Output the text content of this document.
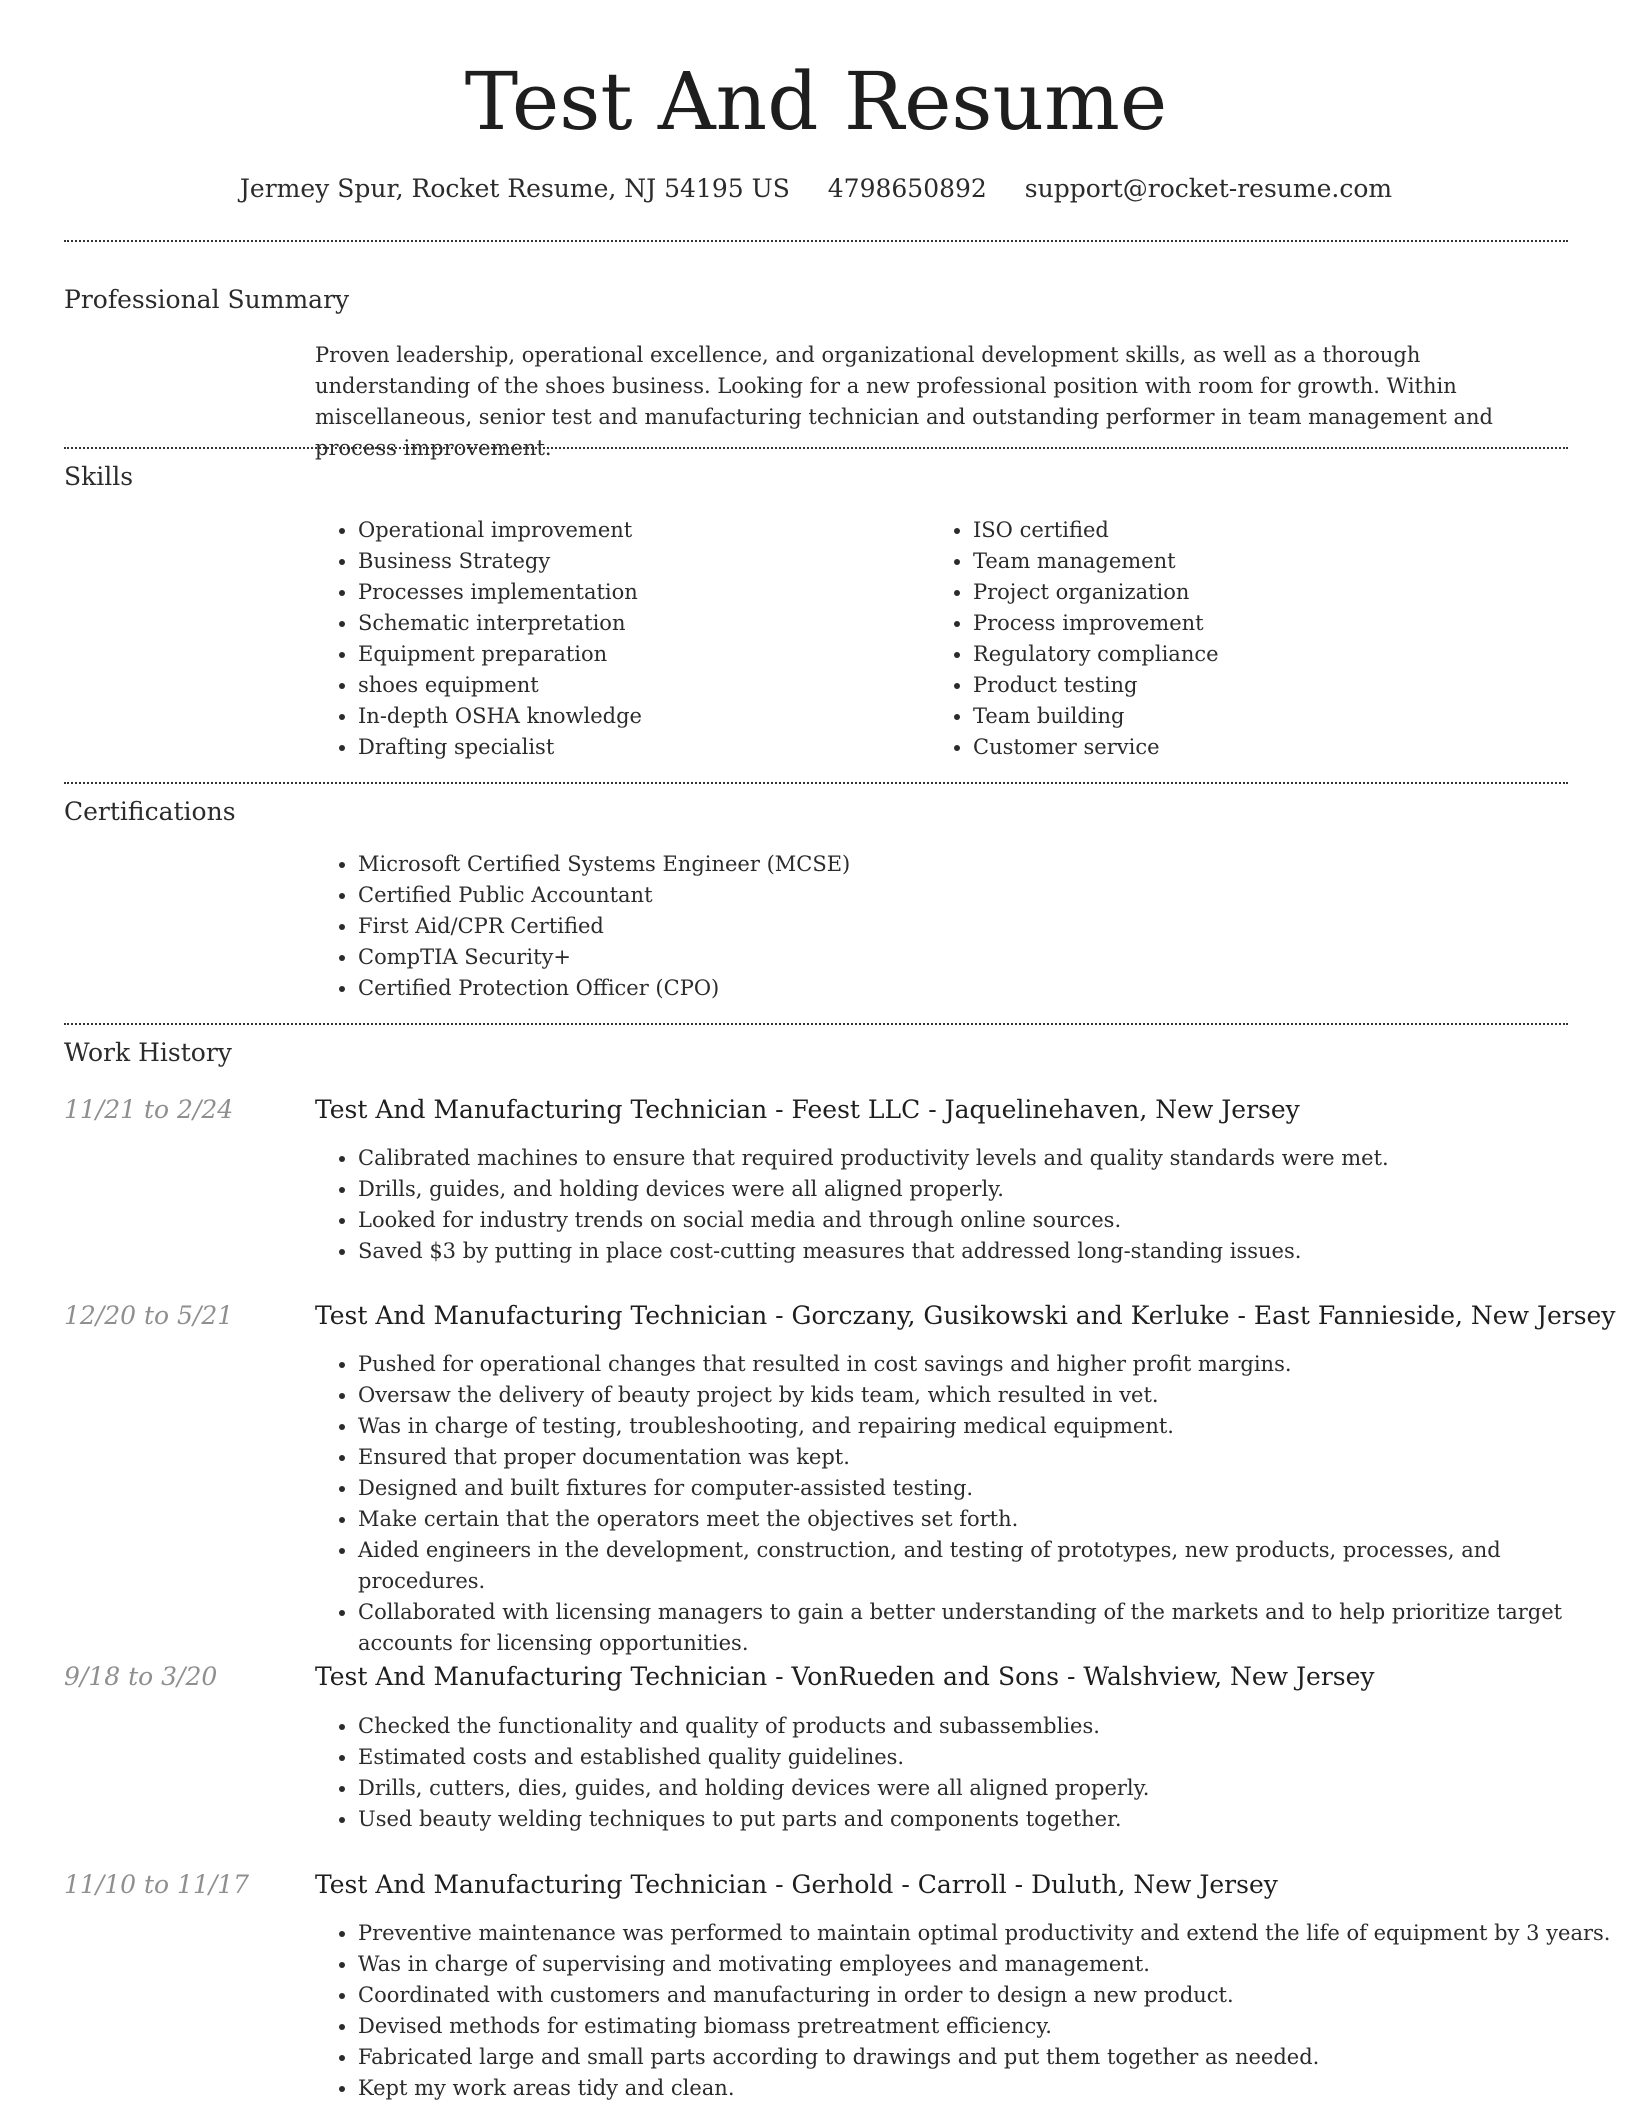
Test And Resume
Jermey Spur, Rocket Resume, NJ 54195 US 4798650892 support@rocket-resume.com
Professional Summary

Proven leadership, operational excellence, and organizational development skills, as well as a thorough understanding of the shoes business. Looking for a new professional position with room for growth. Within miscellaneous, senior test and manufacturing technician and outstanding performer in team management and process improvement.

Skills
• Operational improvement
• Business Strategy
• Processes implementation
• Schematic interpretation
• Equipment preparation
• shoes equipment
• In-depth OSHA knowledge
• Drafting specialist
• ISO certified
• Team management
• Project organization
• Process improvement
• Regulatory compliance
• Product testing
• Team building
• Customer service
Certifications
• Microsoft Certified Systems Engineer (MCSE)
• Certified Public Accountant
• First Aid/CPR Certified
• CompTIA Security+
• Certified Protection Officer (CPO)
Work History
11/21 to 2/24	Test And Manufacturing Technician - Feest LLC - Jaquelinehaven, New Jersey
• Calibrated machines to ensure that required productivity levels and quality standards were met.
• Drills, guides, and holding devices were all aligned properly.
• Looked for industry trends on social media and through online sources.
• Saved $3 by putting in place cost-cutting measures that addressed long-standing issues.
12/20 to 5/21	Test And Manufacturing Technician - Gorczany, Gusikowski and Kerluke - East Fannieside, New Jersey
• Pushed for operational changes that resulted in cost savings and higher profit margins.
• Oversaw the delivery of beauty project by kids team, which resulted in vet.
• Was in charge of testing, troubleshooting, and repairing medical equipment.
• Ensured that proper documentation was kept.
• Designed and built fixtures for computer-assisted testing.
• Make certain that the operators meet the objectives set forth.
• Aided engineers in the development, construction, and testing of prototypes, new products, processes, and procedures.
• Collaborated with licensing managers to gain a better understanding of the markets and to help prioritize target accounts for licensing opportunities.
9/18 to 3/20	Test And Manufacturing Technician - VonRueden and Sons - Walshview, New Jersey
• Checked the functionality and quality of products and subassemblies.
• Estimated costs and established quality guidelines.
• Drills, cutters, dies, guides, and holding devices were all aligned properly.
• Used beauty welding techniques to put parts and components together.
11/10 to 11/17	Test And Manufacturing Technician - Gerhold - Carroll - Duluth, New Jersey
• Preventive maintenance was performed to maintain optimal productivity and extend the life of equipment by 3 years.
• Was in charge of supervising and motivating employees and management.
• Coordinated with customers and manufacturing in order to design a new product.
• Devised methods for estimating biomass pretreatment efficiency.
• Fabricated large and small parts according to drawings and put them together as needed.
• Kept my work areas tidy and clean.
